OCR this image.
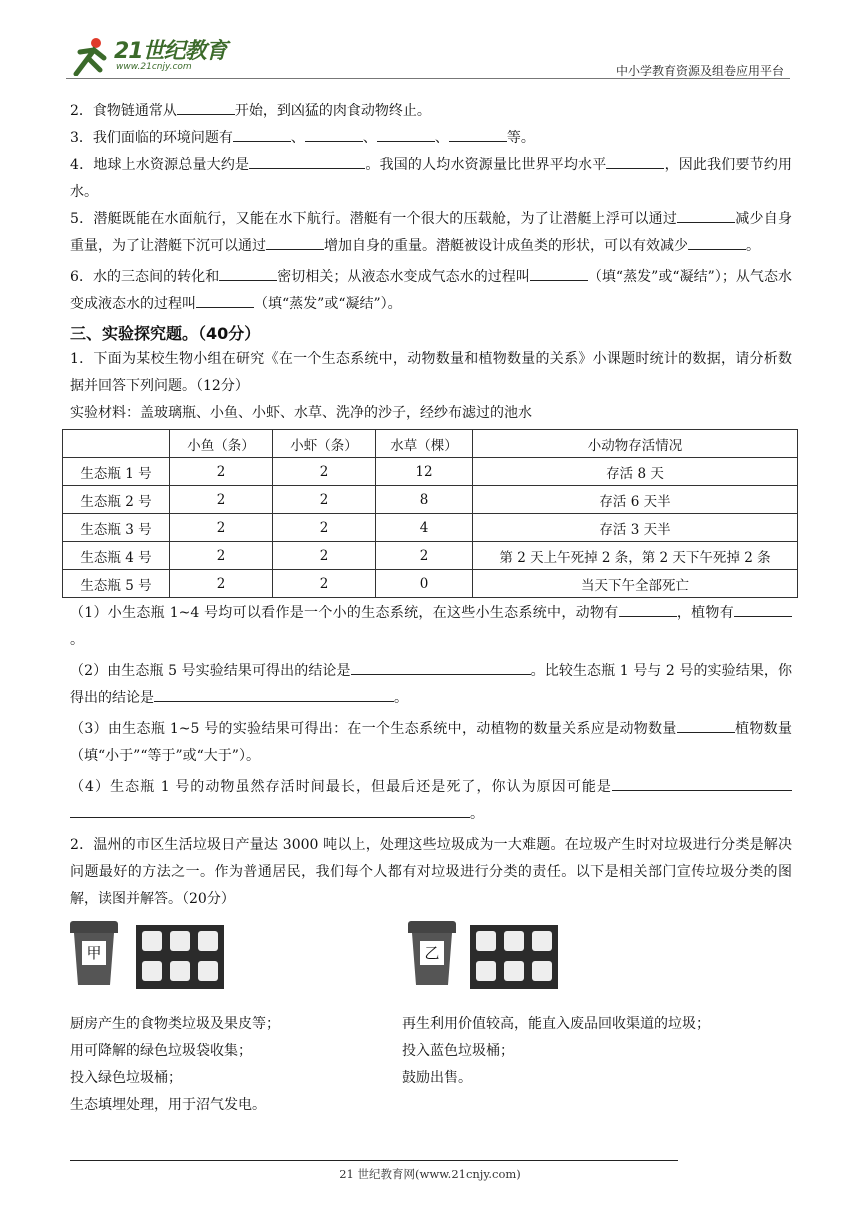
21世纪教育
www.21cnjy.com	中小学教育资源及组卷应用平台

2．食物链通常从	开始，到凶猛的肉食动物终止。

3．我们面临的环境问题有	、	、	、	等。

4．地球上水资源总量大约是	。我国的人均水资源量比世界平均水平	，因此我们要节约用水。

5．潜艇既能在水面航行，又能在水下航行。潜艇有一个很大的压载舱，为了让潜艇上浮可以通过	减少自身重量，为了让潜艇下沉可以通过	增加自身的重量。潜艇被设计成鱼类的形状，可以有效减少	。

6．水的三态间的转化和	密切相关；从液态水变成气态水的过程叫	（填“蒸发”或“凝结”）；从气态水变成液态水的过程叫	（填“蒸发”或“凝结”）。

三、实验探究题。（40分）

1．下面为某校生物小组在研究《在一个生态系统中，动物数量和植物数量的关系》小课题时统计的数据，请分析数据并回答下列问题。（12分）

实验材料：盖玻璃瓶、小鱼、小虾、水草、洗净的沙子，经纱布滤过的池水

	小鱼（条）	小虾（条）	水草（棵）	小动物存活情况
生态瓶 1 号	2	2	12	存活 8 天
生态瓶 2 号	2	2	8	存活 6 天半
生态瓶 3 号	2	2	4	存活 3 天半
生态瓶 4 号	2	2	2	第 2 天上午死掉 2 条，第 2 天下午死掉 2 条
生态瓶 5 号	2	2	0	当天下午全部死亡

（1）小生态瓶 1~4 号均可以看作是一个小的生态系统，在这些小生态系统中，动物有	，植物有。

（2）由生态瓶 5 号实验结果可得出的结论是	。比较生态瓶 1 号与 2 号的实验结果，你得出的结论是	。

（3）由生态瓶 1~5 号的实验结果可得出：在一个生态系统中，动植物的数量关系应是动物数量	植物数量（填“小于”“等于”或“大于”）。

（4）生态瓶 1 号的动物虽然存活时间最长，但最后还是死了，你认为原因可能是。

2．温州的市区生活垃圾日产量达 3000 吨以上，处理这些垃圾成为一大难题。在垃圾产生时对垃圾进行分类是解决问题最好的方法之一。作为普通居民，我们每个人都有对垃圾进行分类的责任。以下是相关部门宣传垃圾分类的图解，读图并解答。（20分）

甲	乙

厨房产生的食物类垃圾及果皮等；

用可降解的绿色垃圾袋收集；

投入绿色垃圾桶；

生态填埋处理，用于沼气发电。

再生利用价值较高，能直入废品回收渠道的垃圾；

投入蓝色垃圾桶；

鼓励出售。

21 世纪教育网(www.21cnjy.com)
